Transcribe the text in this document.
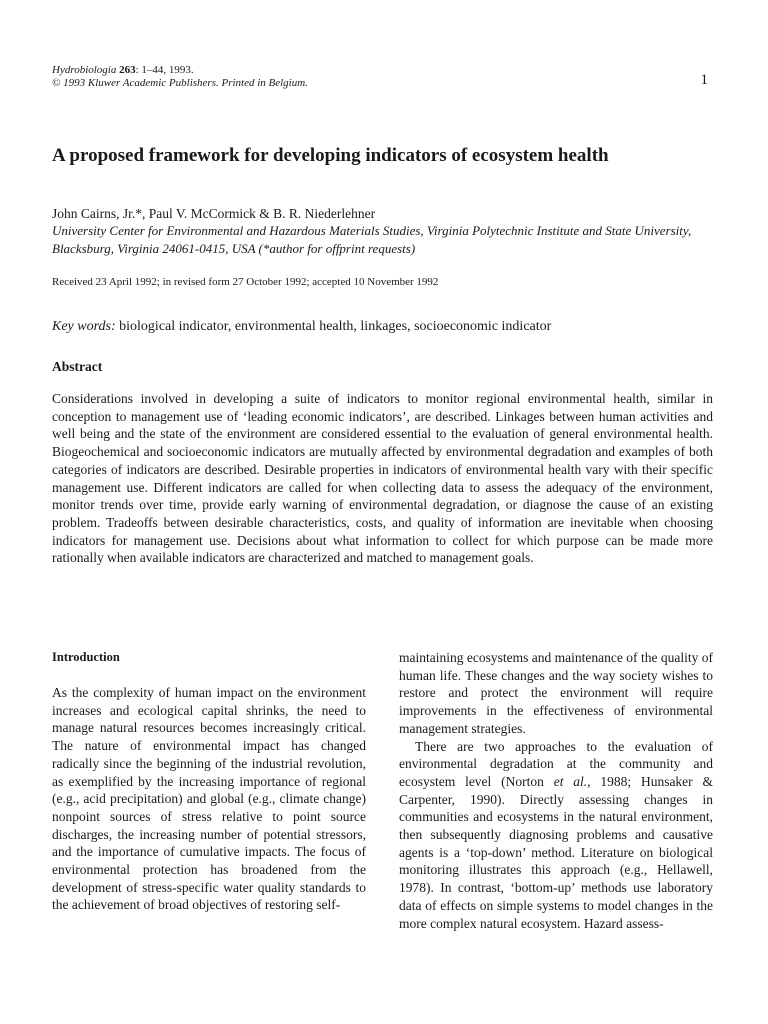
Hydrobiologia 263: 1–44, 1993.
© 1993 Kluwer Academic Publishers. Printed in Belgium.	1
A proposed framework for developing indicators of ecosystem health
John Cairns, Jr.*, Paul V. McCormick & B. R. Niederlehner
University Center for Environmental and Hazardous Materials Studies, Virginia Polytechnic Institute and State University, Blacksburg, Virginia 24061-0415, USA (*author for offprint requests)
Received 23 April 1992; in revised form 27 October 1992; accepted 10 November 1992
Key words: biological indicator, environmental health, linkages, socioeconomic indicator
Abstract
Considerations involved in developing a suite of indicators to monitor regional environmental health, similar in conception to management use of ‘leading economic indicators’, are described. Linkages between human activities and well being and the state of the environment are considered essential to the evaluation of general environmental health. Biogeochemical and socioeconomic indicators are mutually affected by environmental degradation and examples of both categories of indicators are described. Desirable properties in indicators of environmental health vary with their specific management use. Different indicators are called for when collecting data to assess the adequacy of the environment, monitor trends over time, provide early warning of environmental degradation, or diagnose the cause of an existing problem. Tradeoffs between desirable characteristics, costs, and quality of information are inevitable when choosing indicators for management use. Decisions about what information to collect for which purpose can be made more rationally when available indicators are characterized and matched to management goals.
Introduction

As the complexity of human impact on the environment increases and ecological capital shrinks, the need to manage natural resources becomes increasingly critical. The nature of environmental impact has changed radically since the beginning of the industrial revolution, as exemplified by the increasing importance of regional (e.g., acid precipitation) and global (e.g., climate change) nonpoint sources of stress relative to point source discharges, the increasing number of potential stressors, and the importance of cumulative impacts. The focus of environmental protection has broadened from the development of stress-specific water quality standards to the achievement of broad objectives of restoring self-

maintaining ecosystems and maintenance of the quality of human life. These changes and the way society wishes to restore and protect the environment will require improvements in the effectiveness of environmental management strategies.

There are two approaches to the evaluation of environmental degradation at the community and ecosystem level (Norton et al., 1988; Hunsaker & Carpenter, 1990). Directly assessing changes in communities and ecosystems in the natural environment, then subsequently diagnosing problems and causative agents is a ‘top-down’ method. Literature on biological monitoring illustrates this approach (e.g., Hellawell, 1978). In contrast, ‘bottom-up’ methods use laboratory data of effects on simple systems to model changes in the more complex natural ecosystem. Hazard assess-
